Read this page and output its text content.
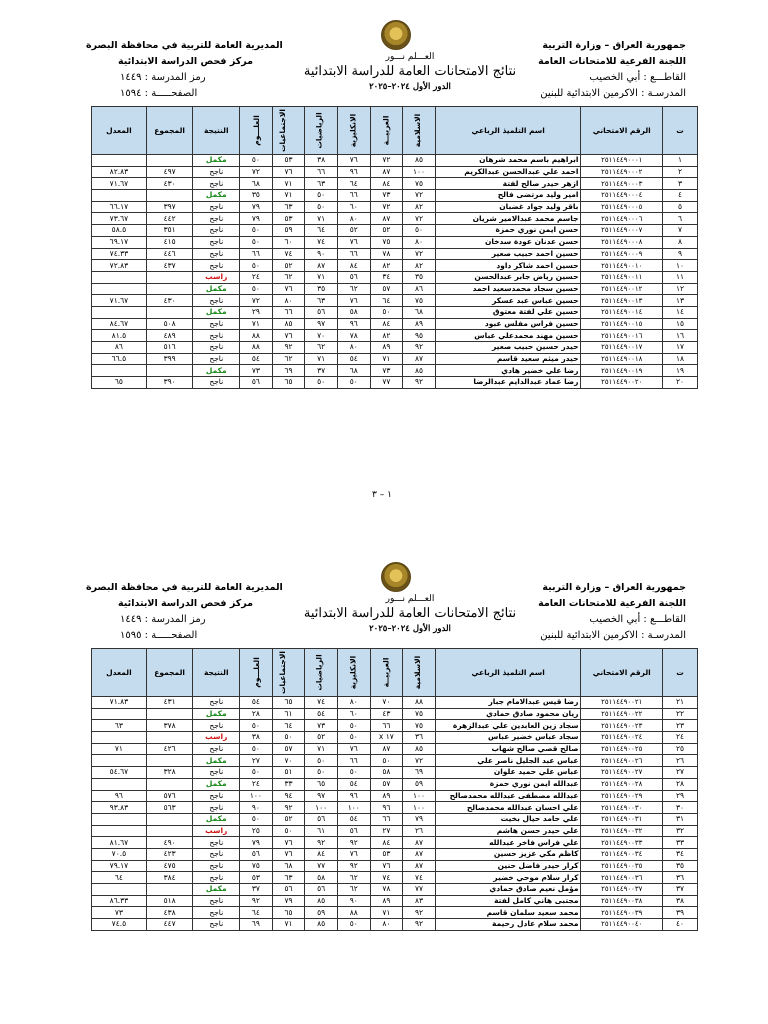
جمهورية العراق – وزارة التربية
اللجنة الفرعية للامتحانات العامة
القاطـــع : أبي الخصيب
المدرسـة : الاكرمين الابتدائية للبنين
المديرية العامة للتربية في محافظة البصرة
مركز فحص الدراسة الابتدائية
رمز المدرسة : ١٤٤٩
الصفحـــــة : ١٥٩٤
العـــلم نـــور
نتائج الامتحانات العامة للدراسة الابتدائية
الدور الأول ٢٠٢٤–٢٠٢٥
ت	الرقم الامتحاني	اسم التلميذ الرباعي	الاسلامية	العربيــة	الانكليزية	الرياضيات	الاجتماعيات	العلـــوم	النتيجة	المجموع	المعدل
١	٢٥١١٤٤٩٠٠٠١	ابراهيم باسم محمد شرهان	٨٥	٧٢	٧٦	٣٨	٥٣	٥٠	مكمل		
٢	٢٥١١٤٤٩٠٠٠٢	احمد علي عبدالحسن عبدالكريم	١٠٠	٨٧	٩٦	٦٦	٧٦	٧٢	ناجح	٤٩٧	٨٢.٨٣
٣	٢٥١١٤٤٩٠٠٠٣	ازهر حيدر صالح لفتة	٧٥	٨٤	٦٤	٦٣	٧١	٦٨	ناجح	٤٣٠	٧١.٦٧
٤	٢٥١١٤٤٩٠٠٠٤	امير وليد مرتضى فالح	٧٢	٧٣	٦٦	٥٠	٧١	٣٥	مكمل		
٥	٢٥١١٤٤٩٠٠٠٥	باقر وليد جواد غضبان	٨٢	٧٢	٦٠	٥٠	٦٣	٧٩	ناجح	٣٩٧	٦٦.١٧
٦	٢٥١١٤٤٩٠٠٠٦	جاسم محمد عبدالامير شريان	٧٢	٨٧	٨٠	٧١	٥٣	٧٩	ناجح	٤٤٢	٧٣.٦٧
٧	٢٥١١٤٤٩٠٠٠٧	حسن ايمن نوري حمزة	٥٠	٥٢	٥٢	٦٤	٥٩	٥٠	ناجح	٣٥١	٥٨.٥
٨	٢٥١١٤٤٩٠٠٠٨	حسن عدنان عودة سدخان	٨٠	٧٥	٧٦	٧٤	٦٠	٥٠	ناجح	٤١٥	٦٩.١٧
٩	٢٥١١٤٤٩٠٠٠٩	حسين احمد حبيب صعير	٧٢	٧٨	٦٦	٩٠	٧٤	٦٦	ناجح	٤٤٦	٧٤.٣٣
١٠	٢٥١١٤٤٩٠٠١٠	حسين احمد شاكر داود	٨٢	٨٢	٨٤	٨٧	٥٢	٥٠	ناجح	٤٣٧	٧٢.٨٣
١١	٢٥١١٤٤٩٠٠١١	حسين رياض جابر عبدالحسن	٣٥	٣٤	٥٦	٧١	٦٢	٢٤	راسب		
١٢	٢٥١١٤٤٩٠٠١٢	حسين سجاد محمدسعيد احمد	٨٦	٥٧	٦٢	٣٥	٧٦	٥٠	مكمل		
١٣	٢٥١١٤٤٩٠٠١٣	حسين عباس عبد عسكر	٧٥	٦٤	٧٦	٦٣	٨٠	٧٢	ناجح	٤٣٠	٧١.٦٧
١٤	٢٥١١٤٤٩٠٠١٤	حسين علي لفتة معتوق	٦٨	٥٠	٥٨	٥٦	٦٦	٢٩	مكمل		
١٥	٢٥١١٤٤٩٠٠١٥	حسين فراس مفلس عبود	٨٩	٨٤	٩٦	٩٧	٨٥	٧١	ناجح	٥٠٨	٨٤.٦٧
١٦	٢٥١١٤٤٩٠٠١٦	حسين مهند محمدعلي عباس	٩٥	٨٢	٧٨	٧٠	٧٦	٨٨	ناجح	٤٨٩	٨١.٥
١٧	٢٥١١٤٤٩٠٠١٧	حيدر حسين حبيب صعير	٩٢	٨٩	٨٠	٦٢	٩٢	٨٨	ناجح	٥١٦	٨٦
١٨	٢٥١١٤٤٩٠٠١٨	حيدر ميثم سعيد قاسم	٨٧	٧١	٥٤	٧١	٦٢	٥٤	ناجح	٣٩٩	٦٦.٥
١٩	٢٥١١٤٤٩٠٠١٩	رضا علي خضير هادي	٨٥	٧٣	٦٨	٣٧	٦٩	٧٣	مكمل		
٢٠	٢٥١١٤٤٩٠٠٢٠	رضا عماد عبدالدايم عبدالرضا	٩٢	٧٧	٥٠	٥٠	٦٥	٥٦	ناجح	٣٩٠	٦٥
١ – ٣
جمهورية العراق – وزارة التربية
اللجنة الفرعية للامتحانات العامة
القاطـــع : أبي الخصيب
المدرسـة : الاكرمين الابتدائية للبنين
المديرية العامة للتربية في محافظة البصرة
مركز فحص الدراسة الابتدائية
رمز المدرسة : ١٤٤٩
الصفحـــــة : ١٥٩٥
العـــلم نـــور
نتائج الامتحانات العامة للدراسة الابتدائية
الدور الأول ٢٠٢٤–٢٠٢٥
ت	الرقم الامتحاني	اسم التلميذ الرباعي	الاسلامية	العربيــة	الانكليزية	الرياضيات	الاجتماعيات	العلـــوم	النتيجة	المجموع	المعدل
٢١	٢٥١١٤٤٩٠٠٢١	رضا قيس عبدالامام جبار	٨٨	٧٠	٨٠	٧٤	٦٥	٥٤	ناجح	٤٣١	٧١.٨٣
٢٢	٢٥١١٤٤٩٠٠٢٢	ريان محمود صادق حمادي	٧٥	٤٣	٦٠	٥٤	٦١	٢٨	مكمل		
٢٣	٢٥١١٤٤٩٠٠٢٣	سجاد زين العابدين علي عبدالزهرة	٧٥	٦٦	٥٠	٧٣	٦٤	٥٠	ناجح	٣٧٨	٦٣
٢٤	٢٥١١٤٤٩٠٠٢٤	سجاد عباس خضير عباس	٣٦	١٧ x	٥٠	٥٢	٥٠	٣٨	راسب		
٢٥	٢٥١١٤٤٩٠٠٢٥	صالح قصي صالح شهاب	٨٥	٨٧	٧٦	٧١	٥٧	٥٠	ناجح	٤٢٦	٧١
٢٦	٢٥١١٤٤٩٠٠٢٦	عباس عبد الجليل ناصر علي	٧٢	٥٠	٦٦	٥٠	٧٠	٢٧	مكمل		
٢٧	٢٥١١٤٤٩٠٠٢٧	عباس علي حميد علوان	٦٩	٥٨	٥٠	٥٠	٥١	٥٠	ناجح	٣٢٨	٥٤.٦٧
٢٨	٢٥١١٤٤٩٠٠٢٨	عبدالله ايمن نوري حمزة	٥٩	٥٧	٥٤	٦٥	٣٣	٢٤	مكمل		
٢٩	٢٥١١٤٤٩٠٠٢٩	عبدالله مصطفى عبدالله محمدصالح	١٠٠	٨٩	٩٦	٩٧	٩٤	١٠٠	ناجح	٥٧٦	٩٦
٣٠	٢٥١١٤٤٩٠٠٣٠	علي احسان عبدالله محمدصالح	١٠٠	٩٦	١٠٠	١٠٠	٩٢	٩٠	ناجح	٥٦٣	٩٣.٨٣
٣١	٢٥١١٤٤٩٠٠٣١	علي حامد حيال بخيت	٧٩	٦٦	٥٤	٥٦	٥٢	٥٠	مكمل		
٣٢	٢٥١١٤٤٩٠٠٣٢	علي حيدر حسن هاشم	٢٦	٢٧	٥٦	٦١	٥٠	٢٥	راسب		
٣٣	٢٥١١٤٤٩٠٠٣٣	علي فراس فاخر عبدالله	٨٧	٨٤	٩٢	٩٢	٧٦	٧٩	ناجح	٤٩٠	٨١.٦٧
٣٤	٢٥١١٤٤٩٠٠٣٤	كاظم مكي عزيز حسين	٨٧	٥٣	٧٦	٨٤	٧٦	٥٦	ناجح	٤٢٣	٧٠.٥
٣٥	٢٥١١٤٤٩٠٠٣٥	كرار حيدر فاضل حنين	٨٧	٧٦	٩٢	٧٧	٦٨	٧٥	ناجح	٤٧٥	٧٩.١٧
٣٦	٢٥١١٤٤٩٠٠٣٦	كرار سلام موحي خضير	٧٤	٧٤	٦٢	٥٨	٦٣	٥٣	ناجح	٣٨٤	٦٤
٣٧	٢٥١١٤٤٩٠٠٣٧	مؤمل نعيم صادق حمادي	٧٧	٧٨	٦٢	٥٦	٥٦	٣٧	مكمل		
٣٨	٢٥١١٤٤٩٠٠٣٨	مجتبى هاني كامل لفتة	٨٣	٨٩	٩٠	٨٥	٧٩	٩٢	ناجح	٥١٨	٨٦.٣٣
٣٩	٢٥١١٤٤٩٠٠٣٩	محمد سعيد سلمان قاسم	٩٢	٧١	٨٨	٥٩	٦٥	٦٤	ناجح	٤٣٨	٧٣
٤٠	٢٥١١٤٤٩٠٠٤٠	محمد سلام عادل رحيمة	٩٢	٨٠	٥٠	٨٥	٧١	٦٩	ناجح	٤٤٧	٧٤.٥
